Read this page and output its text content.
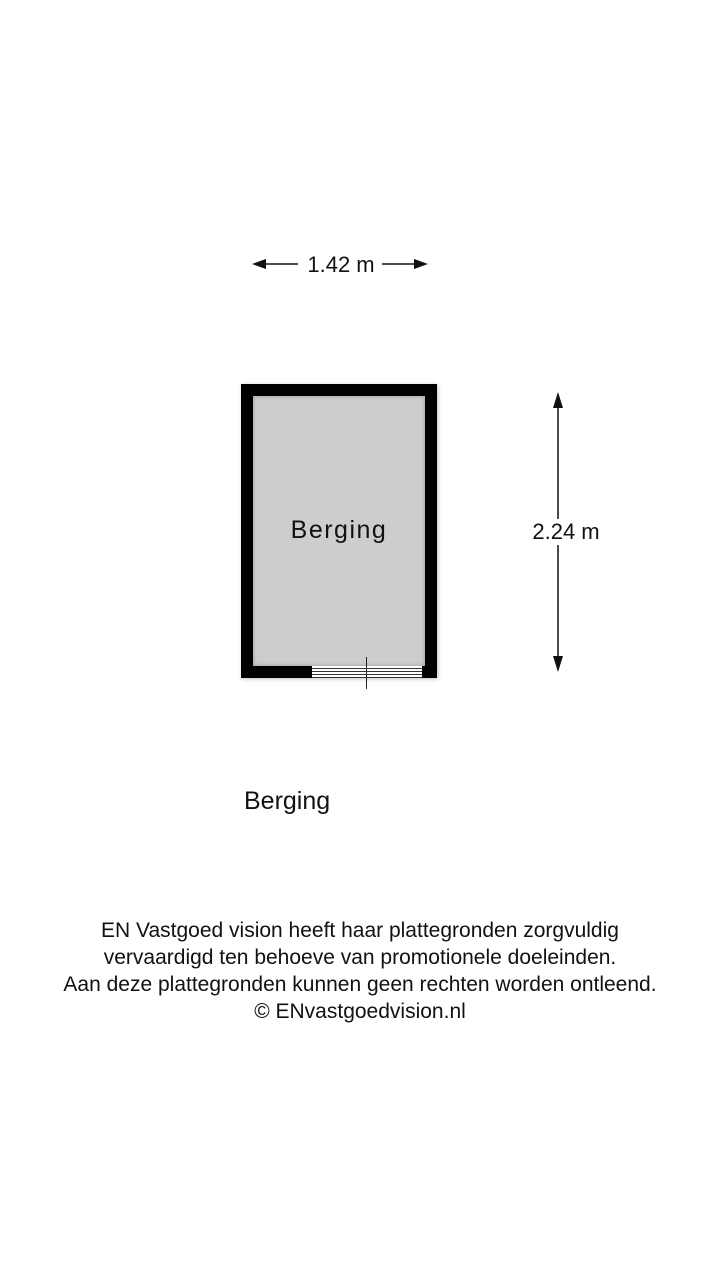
1.42 m
2.24 m
Berging
Berging
EN Vastgoed vision heeft haar plattegronden zorgvuldig
vervaardigd ten behoeve van promotionele doeleinden.
Aan deze plattegronden kunnen geen rechten worden ontleend.
© ENvastgoedvision.nl
